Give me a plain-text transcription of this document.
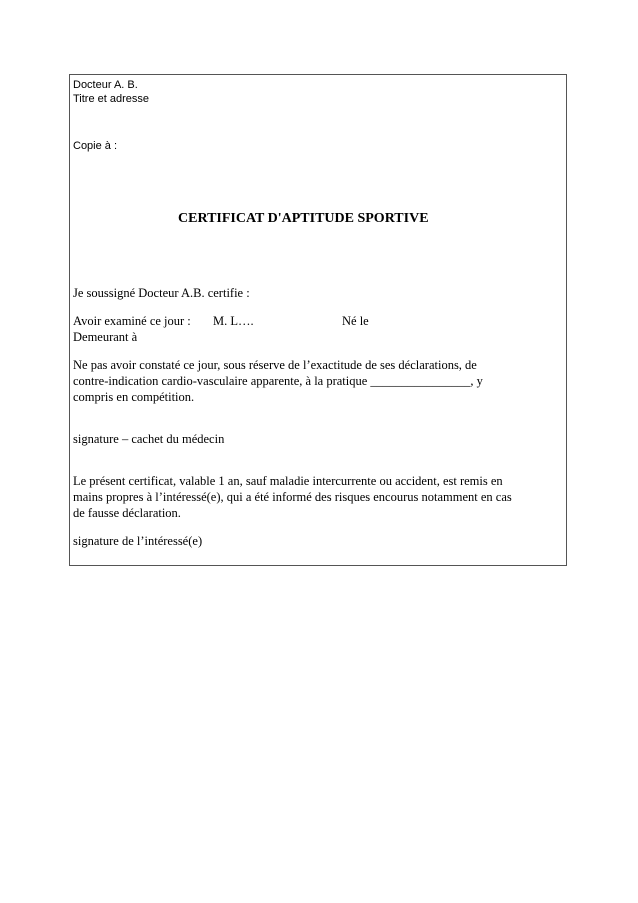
Docteur A. B.
Titre et adresse
Copie à :
CERTIFICAT D'APTITUDE SPORTIVE
Je soussigné Docteur A.B. certifie :
Avoir examiné ce jour : M. L….	Né le
Demeurant à
Ne pas avoir constaté ce jour, sous réserve de l’exactitude de ses déclarations, de
contre-indication cardio-vasculaire apparente, à la pratique ________________, y
compris en compétition.
signature – cachet du médecin
Le présent certificat, valable 1 an, sauf maladie intercurrente ou accident, est remis en
mains propres à l’intéressé(e), qui a été informé des risques encourus notamment en cas
de fausse déclaration.
signature de l’intéressé(e)
